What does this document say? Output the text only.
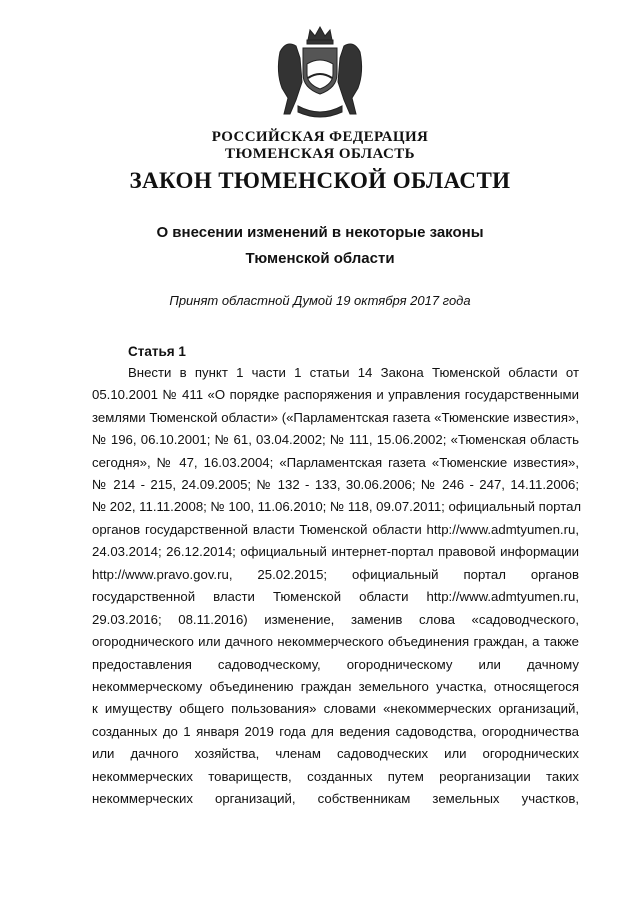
РОССИЙСКАЯ ФЕДЕРАЦИЯ
ТЮМЕНСКАЯ ОБЛАСТЬ
ЗАКОН ТЮМЕНСКОЙ ОБЛАСТИ
О внесении изменений в некоторые законы
Тюменской области
Принят областной Думой 19 октября 2017 года
Статья 1
Внести в пункт 1 части 1 статьи 14 Закона Тюменской области от
05.10.2001 № 411 «О порядке распоряжения и управления государственными
землями Тюменской области» («Парламентская газета «Тюменские известия»,
№ 196, 06.10.2001; № 61, 03.04.2002; № 111, 15.06.2002; «Тюменская область
сегодня», № 47, 16.03.2004; «Парламентская газета «Тюменские известия»,
№ 214 - 215, 24.09.2005; № 132 - 133, 30.06.2006; № 246 - 247, 14.11.2006;
№ 202, 11.11.2008; № 100, 11.06.2010; № 118, 09.07.2011; официальный портал
органов государственной власти Тюменской области http://www.admtyumen.ru,
24.03.2014; 26.12.2014; официальный интернет-портал правовой информации
http://www.pravo.gov.ru, 25.02.2015; официальный портал органов
государственной власти Тюменской области http://www.admtyumen.ru,
29.03.2016; 08.11.2016) изменение, заменив слова «садоводческого,
огороднического или дачного некоммерческого объединения граждан, а также
предоставления садоводческому, огородническому или дачному
некоммерческому объединению граждан земельного участка, относящегося
к имуществу общего пользования» словами «некоммерческих организаций,
созданных до 1 января 2019 года для ведения садоводства, огородничества
или дачного хозяйства, членам садоводческих или огороднических
некоммерческих товариществ, созданных путем реорганизации таких
некоммерческих организаций, собственникам земельных участков,
